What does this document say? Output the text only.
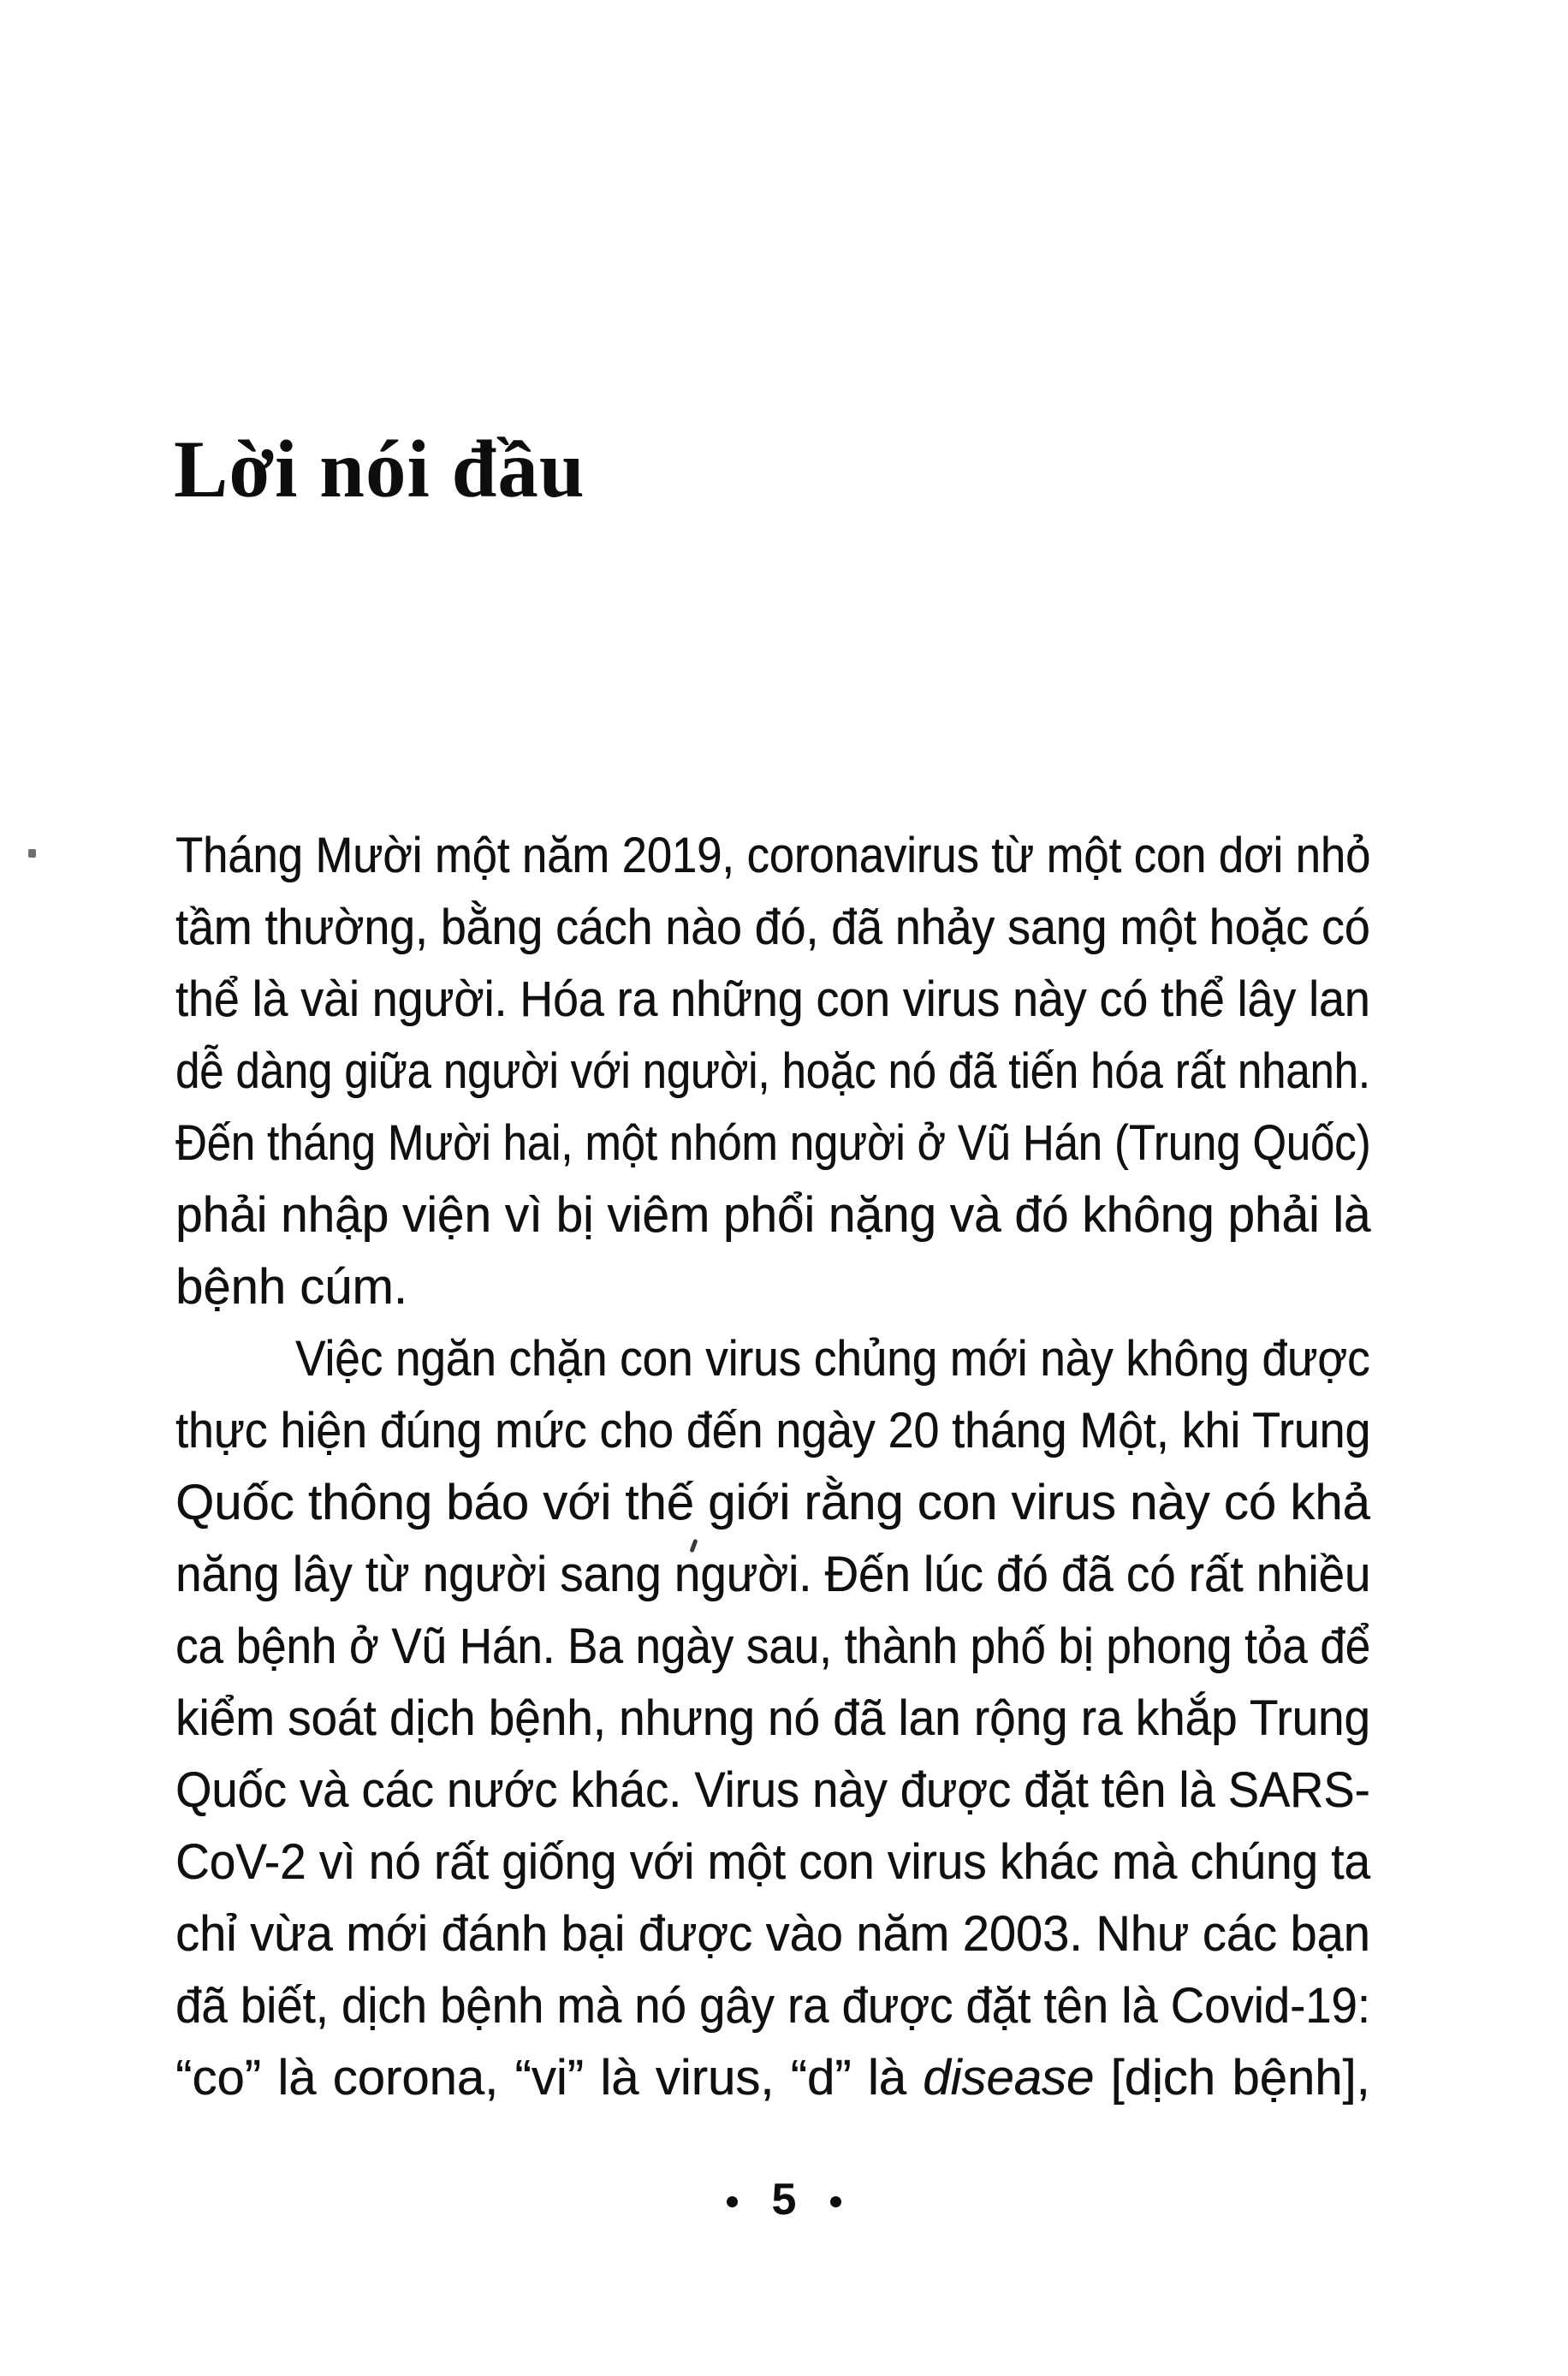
Lời nói đầu
Tháng Mười một năm 2019, coronavirus từ một con dơi nhỏ
tầm thường, bằng cách nào đó, đã nhảy sang một hoặc có
thể là vài người. Hóa ra những con virus này có thể lây lan
dễ dàng giữa người với người, hoặc nó đã tiến hóa rất nhanh.
Đến tháng Mười hai, một nhóm người ở Vũ Hán (Trung Quốc)
phải nhập viện vì bị viêm phổi nặng và đó không phải là
bệnh cúm.
Việc ngăn chặn con virus chủng mới này không được
thực hiện đúng mức cho đến ngày 20 tháng Một, khi Trung
Quốc thông báo với thế giới rằng con virus này có khả
năng lây từ người sang người. Đến lúc đó đã có rất nhiều
ca bệnh ở Vũ Hán. Ba ngày sau, thành phố bị phong tỏa để
kiểm soát dịch bệnh, nhưng nó đã lan rộng ra khắp Trung
Quốc và các nước khác. Virus này được đặt tên là SARS-
CoV-2 vì nó rất giống với một con virus khác mà chúng ta
chỉ vừa mới đánh bại được vào năm 2003. Như các bạn
đã biết, dịch bệnh mà nó gây ra được đặt tên là Covid-19:
“co” là corona, “vi” là virus, “d” là disease [dịch bệnh],
5
